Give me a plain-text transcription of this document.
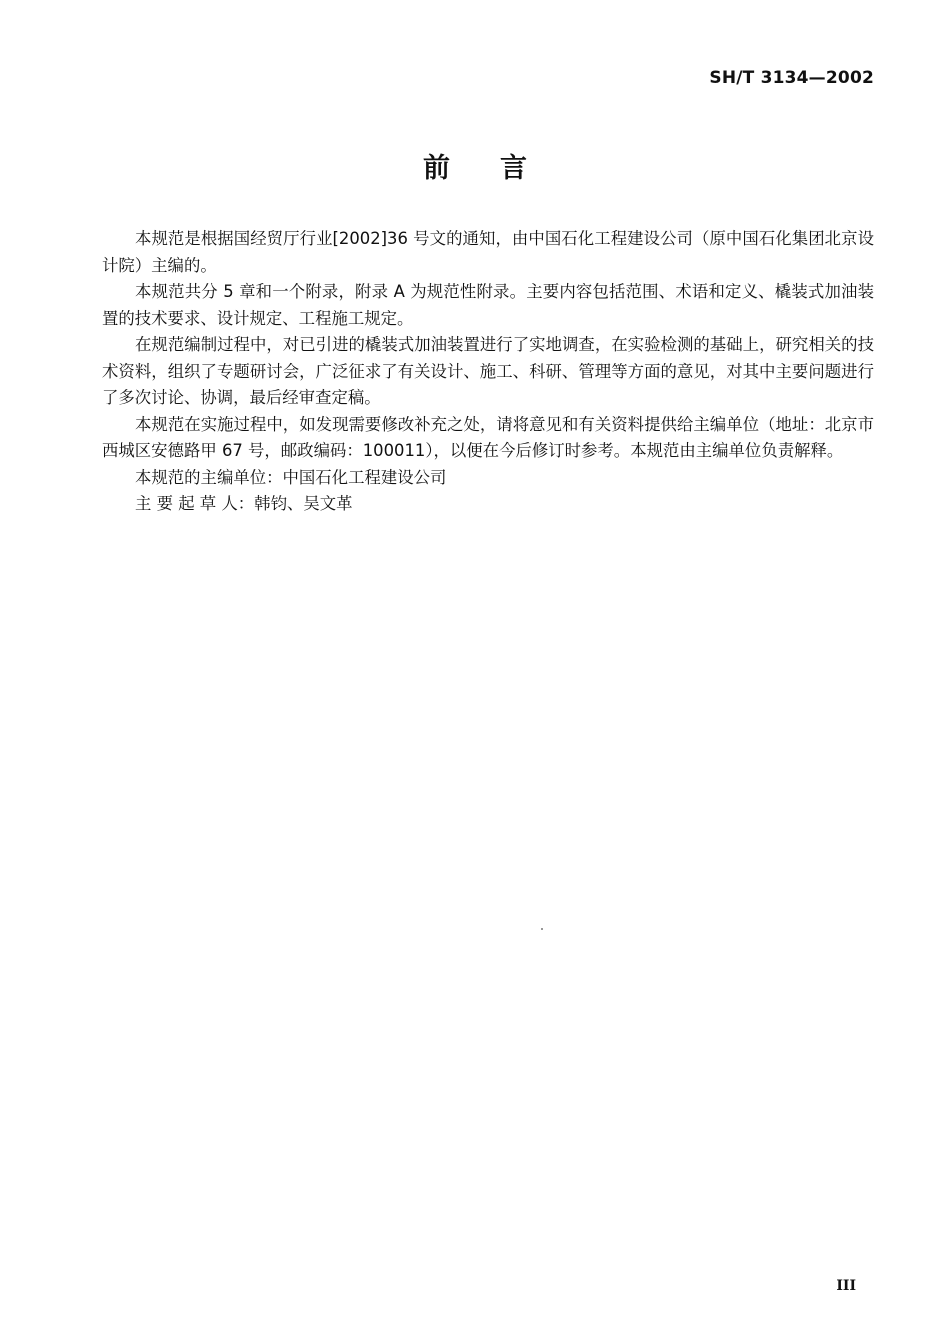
SH/T 3134—2002
前言

本规范是根据国经贸厅行业[2002]36 号文的通知，由中国石化工程建设公司（原中国石化集团北京设计院）主编的。

本规范共分 5 章和一个附录，附录 A 为规范性附录。主要内容包括范围、术语和定义、橇装式加油装置的技术要求、设计规定、工程施工规定。

在规范编制过程中，对已引进的橇装式加油装置进行了实地调查，在实验检测的基础上，研究相关的技术资料，组织了专题研讨会，广泛征求了有关设计、施工、科研、管理等方面的意见，对其中主要问题进行了多次讨论、协调，最后经审查定稿。

本规范在实施过程中，如发现需要修改补充之处，请将意见和有关资料提供给主编单位（地址：北京市西城区安德路甲 67 号，邮政编码：100011），以便在今后修订时参考。本规范由主编单位负责解释。

本规范的主编单位：中国石化工程建设公司

主 要 起 草 人：韩钧、吴文革

III
